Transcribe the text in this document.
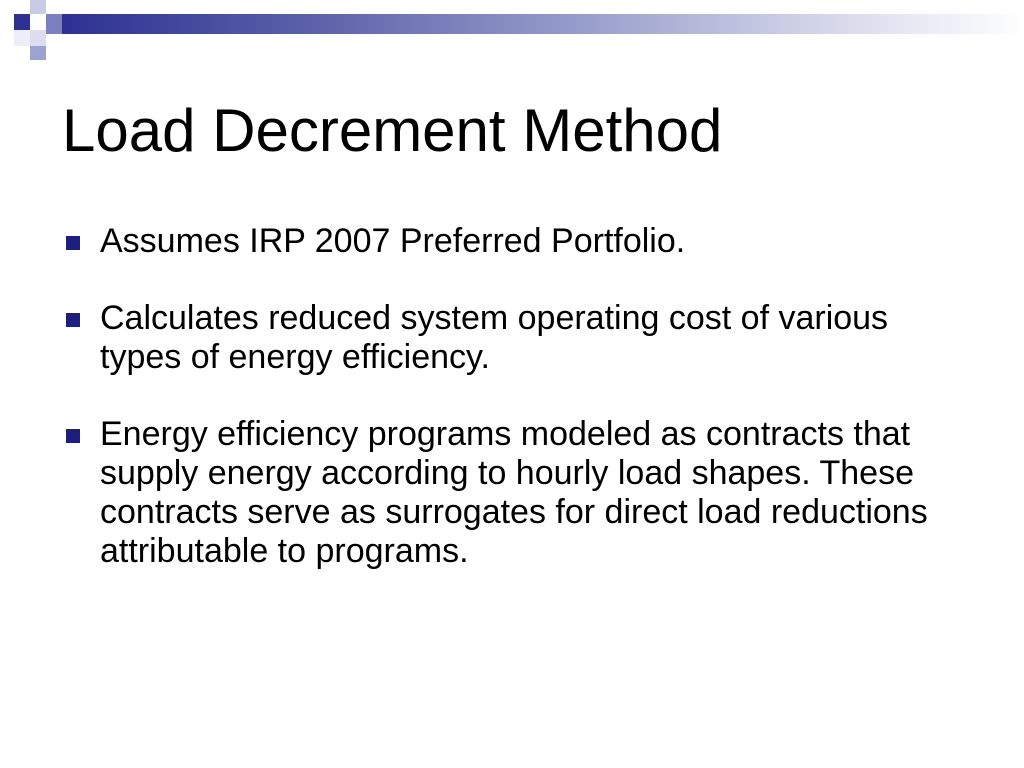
Load Decrement Method
Assumes IRP 2007 Preferred Portfolio.
Calculates reduced system operating cost of various types of energy efficiency.
Energy efficiency programs modeled as contracts that supply energy according to hourly load shapes. These contracts serve as surrogates for direct load reductions attributable to programs.
